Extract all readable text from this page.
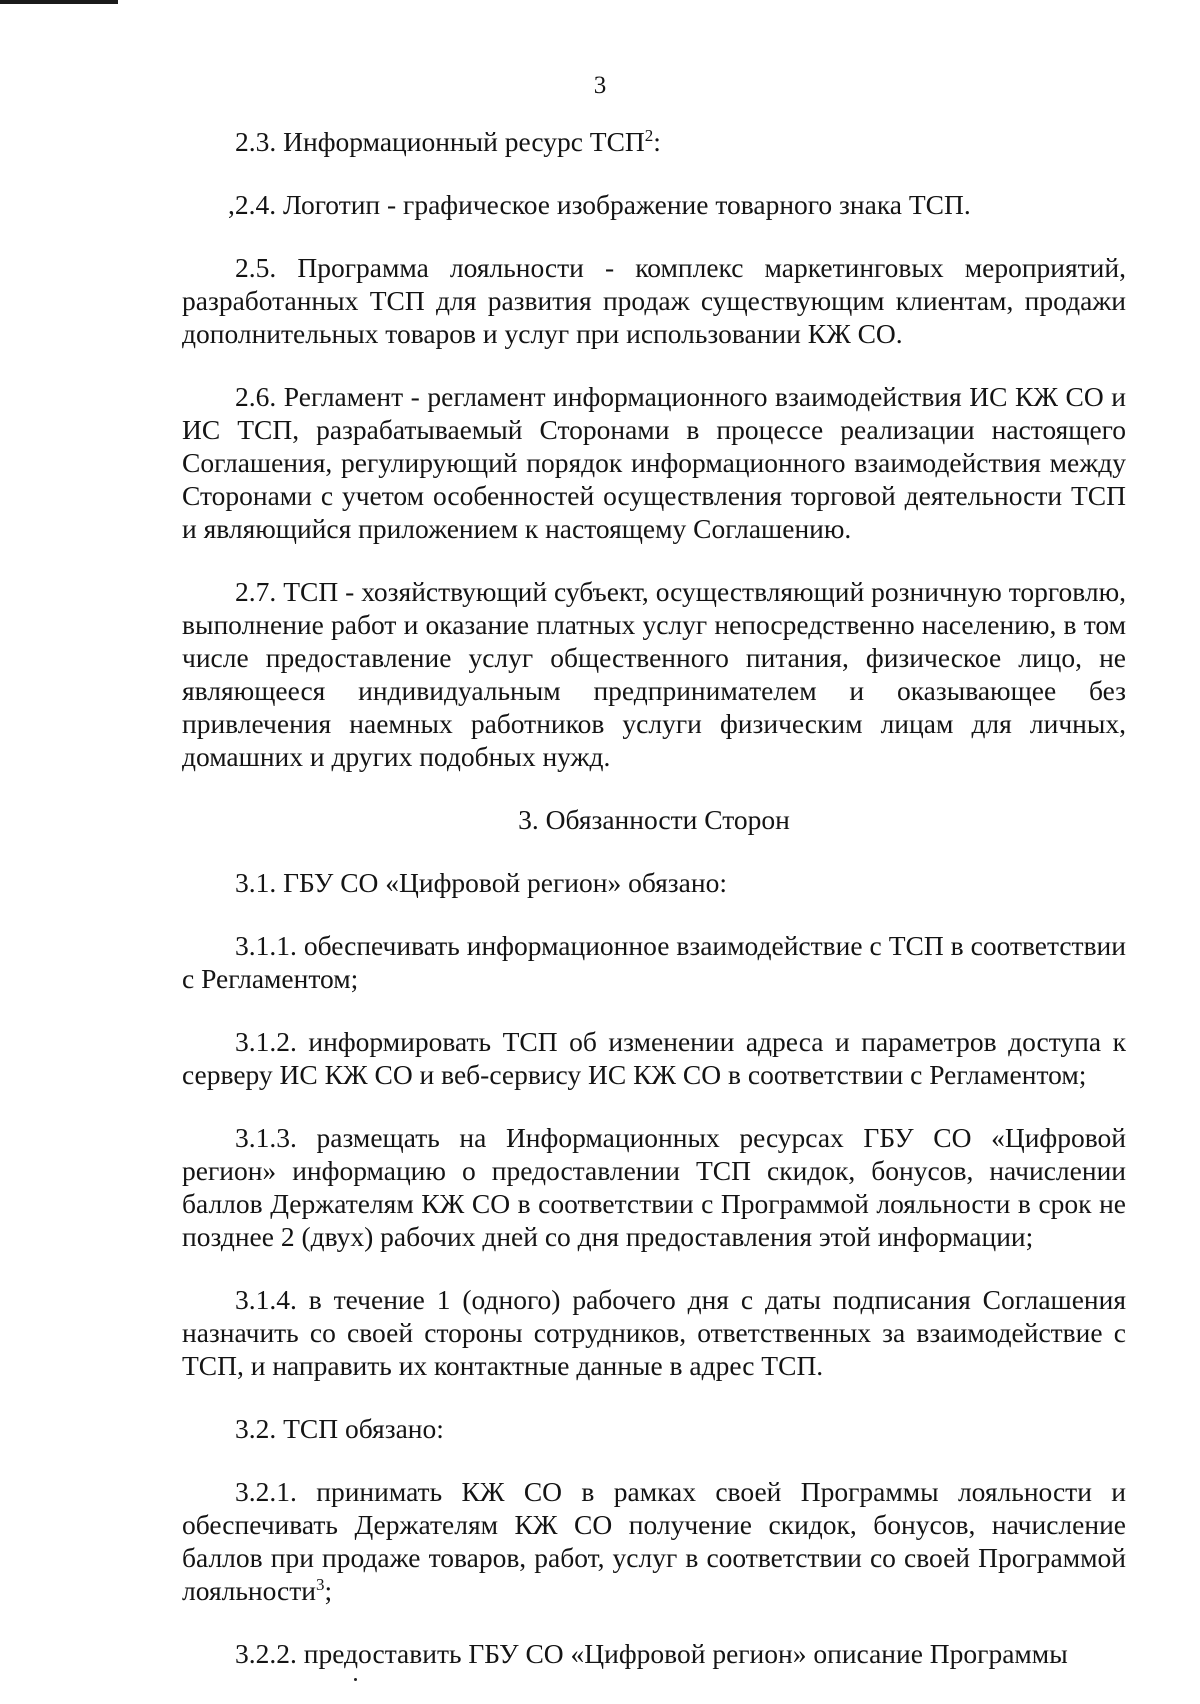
3

2.3. Информационный ресурс ТСП$^2$:

,2.4. Логотип - графическое изображение товарного знака ТСП.

2.5. Программа лояльности - комплекс маркетинговых мероприятий, разработанных ТСП для развития продаж существующим клиентам, продажи дополнительных товаров и услуг при использовании КЖ СО.

2.6. Регламент - регламент информационного взаимодействия ИС КЖ СО и ИС ТСП, разрабатываемый Сторонами в процессе реализации настоящего Соглашения, регулирующий порядок информационного взаимодействия между Сторонами с учетом особенностей осуществления торговой деятельности ТСП и являющийся приложением к настоящему Соглашению.

2.7. ТСП - хозяйствующий субъект, осуществляющий розничную торговлю, выполнение работ и оказание платных услуг непосредственно населению, в том числе предоставление услуг общественного питания, физическое лицо, не являющееся индивидуальным предпринимателем и оказывающее без привлечения наемных работников услуги физическим лицам для личных, домашних и других подобных нужд.

3. Обязанности Сторон

3.1. ГБУ СО «Цифровой регион» обязано:

3.1.1. обеспечивать информационное взаимодействие с ТСП в соответствии с Регламентом;

3.1.2. информировать ТСП об изменении адреса и параметров доступа к серверу ИС КЖ СО и веб-сервису ИС КЖ СО в соответствии с Регламентом;

3.1.3. размещать на Информационных ресурсах ГБУ СО «Цифровой регион» информацию о предоставлении ТСП скидок, бонусов, начислении баллов Держателям КЖ СО в соответствии с Программой лояльности в срок не позднее 2 (двух) рабочих дней со дня предоставления этой информации;

3.1.4. в течение 1 (одного) рабочего дня с даты подписания Соглашения назначить со своей стороны сотрудников, ответственных за взаимодействие с ТСП, и направить их контактные данные в адрес ТСП.

3.2. ТСП обязано:

3.2.1. принимать КЖ СО в рамках своей Программы лояльности и обеспечивать Держателям КЖ СО получение скидок, бонусов, начисление баллов при продаже товаров, работ, услуг в соответствии со своей Программой лояльности$^3$;

3.2.2. предоставить ГБУ СО «Цифровой регион» описание Программы
